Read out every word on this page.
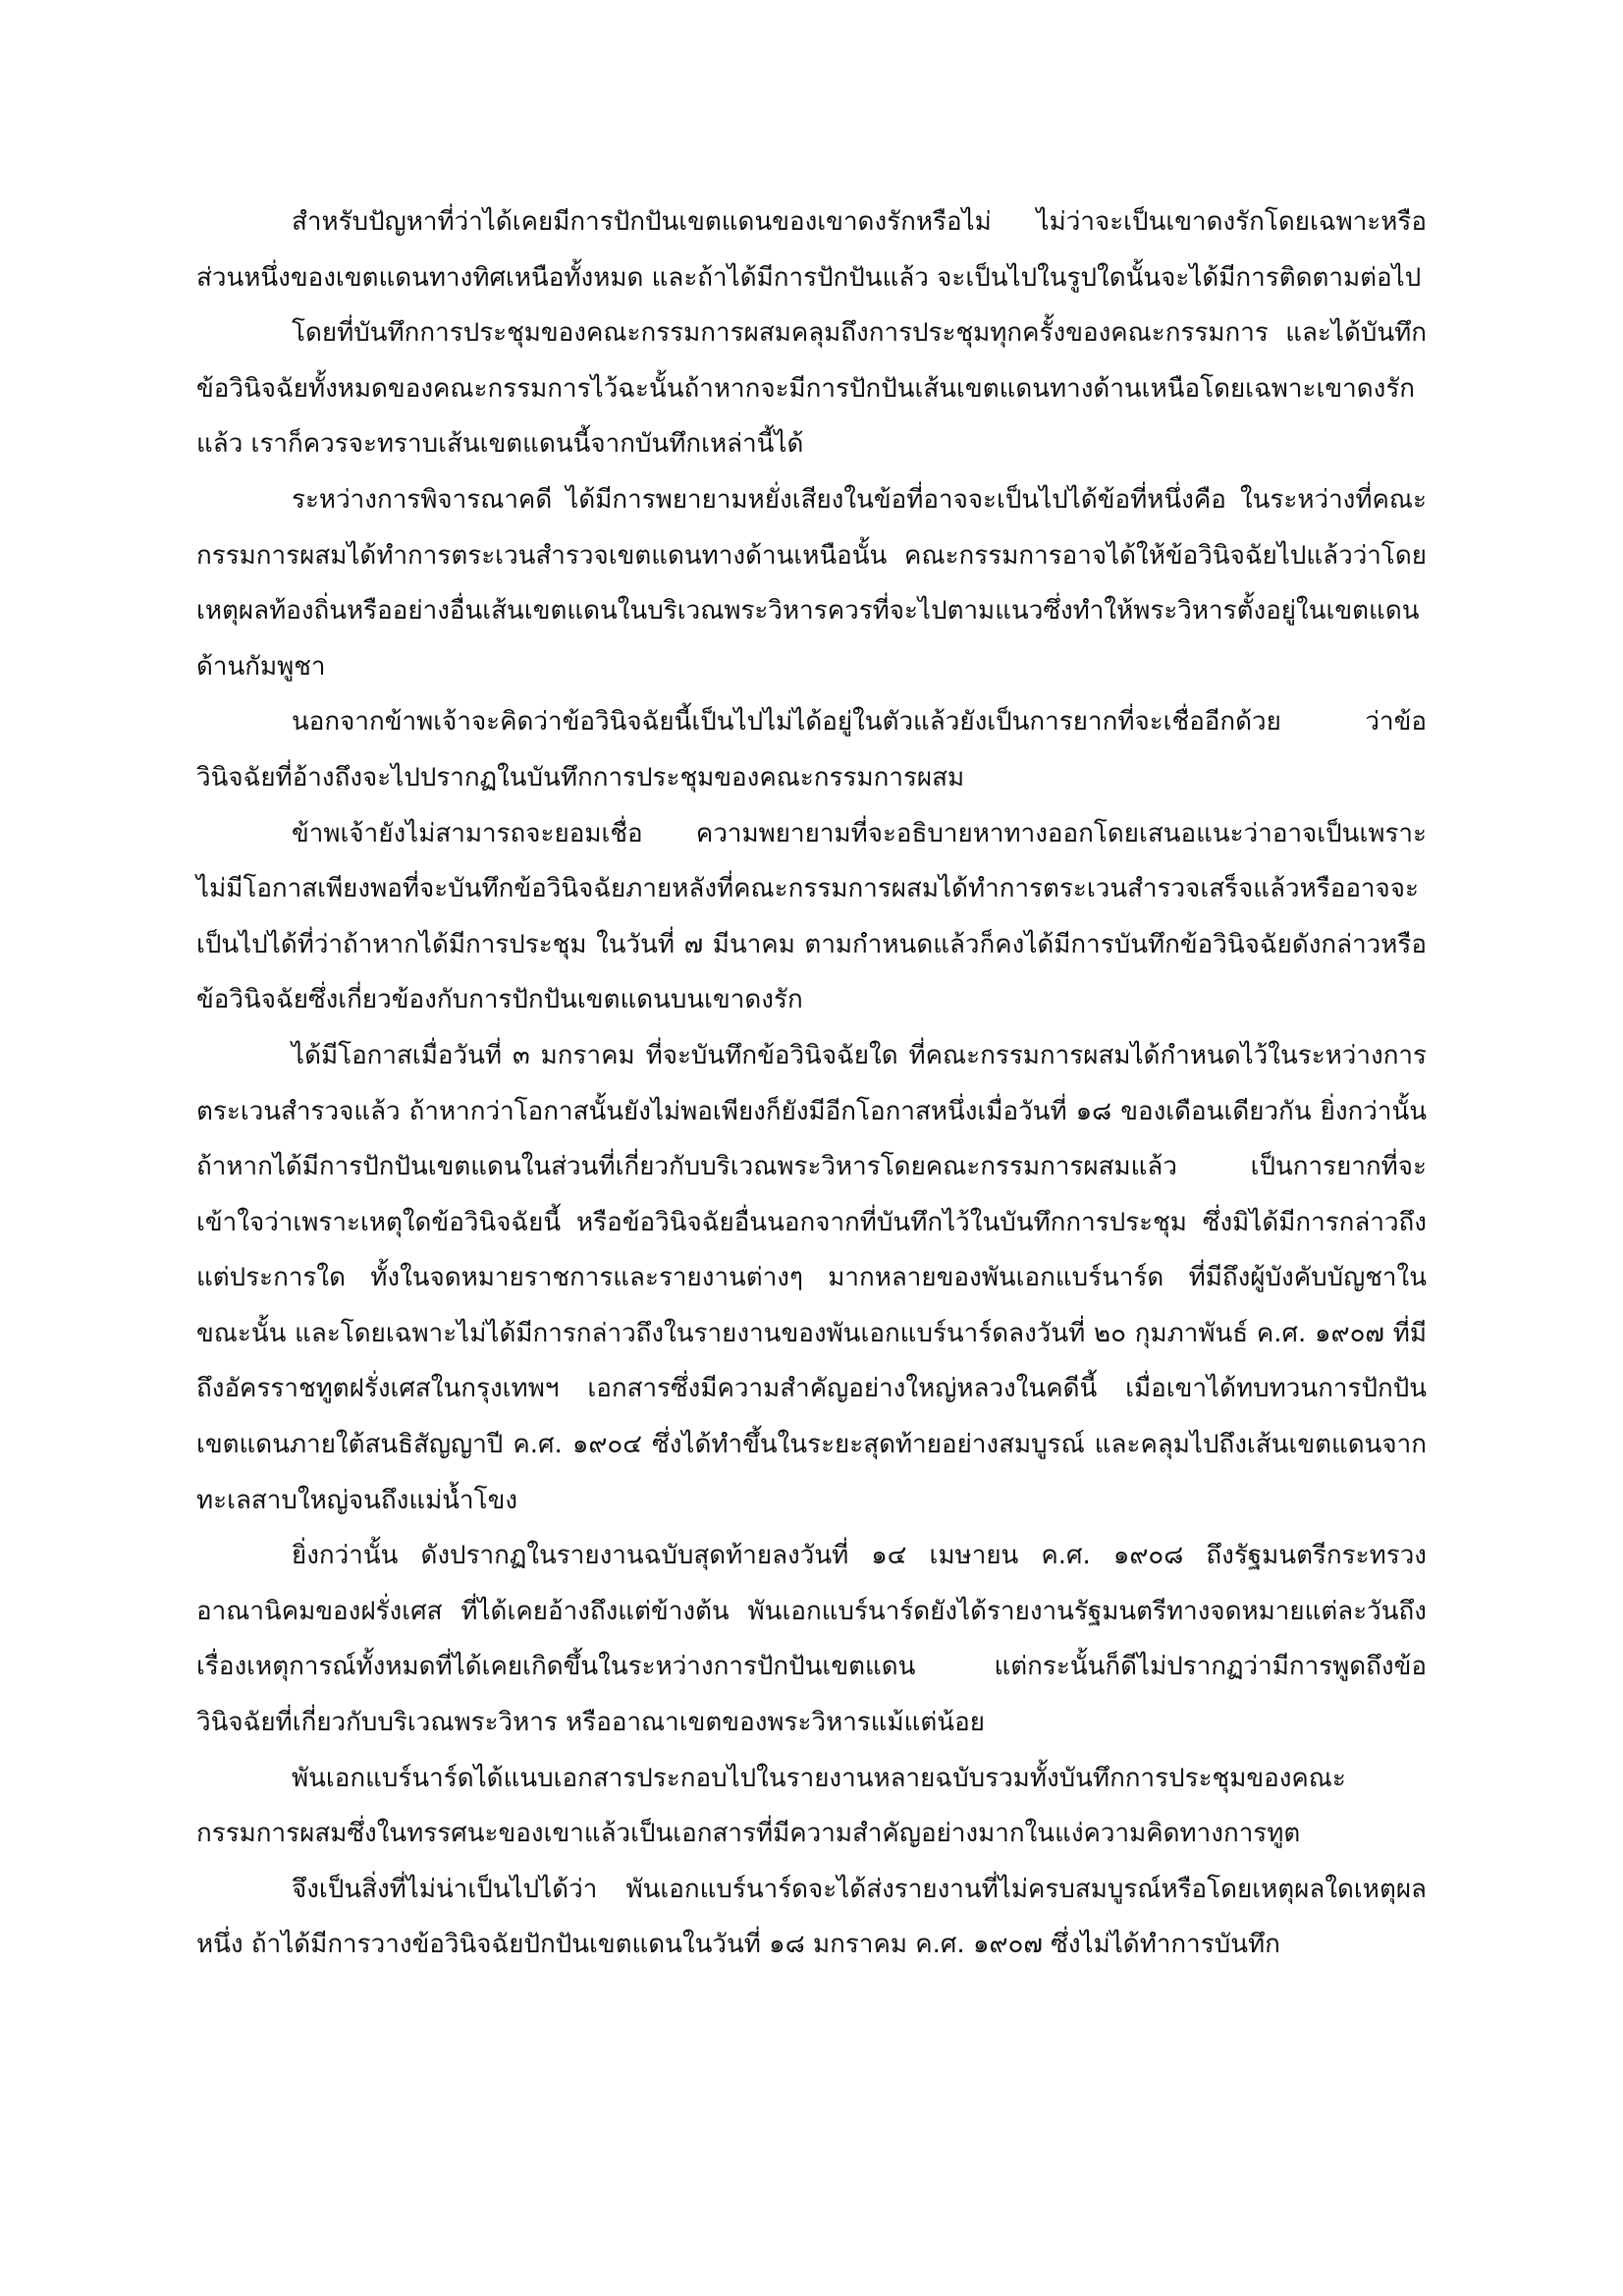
สำหรับปัญหาที่ว่าได้เคยมีการปักปันเขตแดนของเขาดงรักหรือไม่ ไม่ว่าจะเป็นเขาดงรักโดยเฉพาะหรือส่วนหนึ่งของเขตแดนทางทิศเหนือทั้งหมด และถ้าได้มีการปักปันแล้ว จะเป็นไปในรูปใดนั้นจะได้มีการติดตามต่อไป

โดยที่บันทึกการประชุมของคณะกรรมการผสมคลุมถึงการประชุมทุกครั้งของคณะกรรมการ และได้บันทึกข้อวินิจฉัยทั้งหมดของคณะกรรมการไว้ฉะนั้นถ้าหากจะมีการปักปันเส้นเขตแดนทางด้านเหนือโดยเฉพาะเขาดงรักแล้ว เราก็ควรจะทราบเส้นเขตแดนนี้จากบันทึกเหล่านี้ได้

ระหว่างการพิจารณาคดี ได้มีการพยายามหยั่งเสียงในข้อที่อาจจะเป็นไปได้ข้อที่หนึ่งคือ ในระหว่างที่คณะกรรมการผสมได้ทำการตระเวนสำรวจเขตแดนทางด้านเหนือนั้น คณะกรรมการอาจได้ให้ข้อวินิจฉัยไปแล้วว่าโดยเหตุผลท้องถิ่นหรืออย่างอื่นเส้นเขตแดนในบริเวณพระวิหารควรที่จะไปตามแนวซึ่งทำให้พระวิหารตั้งอยู่ในเขตแดนด้านกัมพูชา

นอกจากข้าพเจ้าจะคิดว่าข้อวินิจฉัยนี้เป็นไปไม่ได้อยู่ในตัวแล้วยังเป็นการยากที่จะเชื่ออีกด้วย ว่าข้อวินิจฉัยที่อ้างถึงจะไปปรากฏในบันทึกการประชุมของคณะกรรมการผสม

ข้าพเจ้ายังไม่สามารถจะยอมเชื่อ ความพยายามที่จะอธิบายหาทางออกโดยเสนอแนะว่าอาจเป็นเพราะไม่มีโอกาสเพียงพอที่จะบันทึกข้อวินิจฉัยภายหลังที่คณะกรรมการผสมได้ทำการตระเวนสำรวจเสร็จแล้วหรืออาจจะเป็นไปได้ที่ว่าถ้าหากได้มีการประชุม ในวันที่ ๗ มีนาคม ตามกำหนดแล้วก็คงได้มีการบันทึกข้อวินิจฉัยดังกล่าวหรือข้อวินิจฉัยซึ่งเกี่ยวข้องกับการปักปันเขตแดนบนเขาดงรัก

ได้มีโอกาสเมื่อวันที่ ๓ มกราคม ที่จะบันทึกข้อวินิจฉัยใด ที่คณะกรรมการผสมได้กำหนดไว้ในระหว่างการตระเวนสำรวจแล้ว ถ้าหากว่าโอกาสนั้นยังไม่พอเพียงก็ยังมีอีกโอกาสหนึ่งเมื่อวันที่ ๑๘ ของเดือนเดียวกัน ยิ่งกว่านั้น ถ้าหากได้มีการปักปันเขตแดนในส่วนที่เกี่ยวกับบริเวณพระวิหารโดยคณะกรรมการผสมแล้ว เป็นการยากที่จะเข้าใจว่าเพราะเหตุใดข้อวินิจฉัยนี้ หรือข้อวินิจฉัยอื่นนอกจากที่บันทึกไว้ในบันทึกการประชุม ซึ่งมิได้มีการกล่าวถึงแต่ประการใด ทั้งในจดหมายราชการและรายงานต่างๆ มากหลายของพันเอกแบร์นาร์ด ที่มีถึงผู้บังคับบัญชาในขณะนั้น และโดยเฉพาะไม่ได้มีการกล่าวถึงในรายงานของพันเอกแบร์นาร์ดลงวันที่ ๒๐ กุมภาพันธ์ ค.ศ. ๑๙๐๗ ที่มีถึงอัครราชทูตฝรั่งเศสในกรุงเทพฯ เอกสารซึ่งมีความสำคัญอย่างใหญ่หลวงในคดีนี้ เมื่อเขาได้ทบทวนการปักปันเขตแดนภายใต้สนธิสัญญาปี ค.ศ. ๑๙๐๔ ซึ่งได้ทำขึ้นในระยะสุดท้ายอย่างสมบูรณ์ และคลุมไปถึงเส้นเขตแดนจากทะเลสาบใหญ่จนถึงแม่น้ำโขง

ยิ่งกว่านั้น ดังปรากฏในรายงานฉบับสุดท้ายลงวันที่ ๑๔ เมษายน ค.ศ. ๑๙๐๘ ถึงรัฐมนตรีกระทรวงอาณานิคมของฝรั่งเศส ที่ได้เคยอ้างถึงแต่ข้างต้น พันเอกแบร์นาร์ดยังได้รายงานรัฐมนตรีทางจดหมายแต่ละวันถึงเรื่องเหตุการณ์ทั้งหมดที่ได้เคยเกิดขึ้นในระหว่างการปักปันเขตแดน แต่กระนั้นก็ดีไม่ปรากฏว่ามีการพูดถึงข้อวินิจฉัยที่เกี่ยวกับบริเวณพระวิหาร หรืออาณาเขตของพระวิหารแม้แต่น้อย

พันเอกแบร์นาร์ดได้แนบเอกสารประกอบไปในรายงานหลายฉบับรวมทั้งบันทึกการประชุมของคณะกรรมการผสมซึ่งในทรรศนะของเขาแล้วเป็นเอกสารที่มีความสำคัญอย่างมากในแง่ความคิดทางการทูต

จึงเป็นสิ่งที่ไม่น่าเป็นไปได้ว่า พันเอกแบร์นาร์ดจะได้ส่งรายงานที่ไม่ครบสมบูรณ์หรือโดยเหตุผลใดเหตุผลหนึ่ง ถ้าได้มีการวางข้อวินิจฉัยปักปันเขตแดนในวันที่ ๑๘ มกราคม ค.ศ. ๑๙๐๗ ซึ่งไม่ได้ทำการบันทึก
